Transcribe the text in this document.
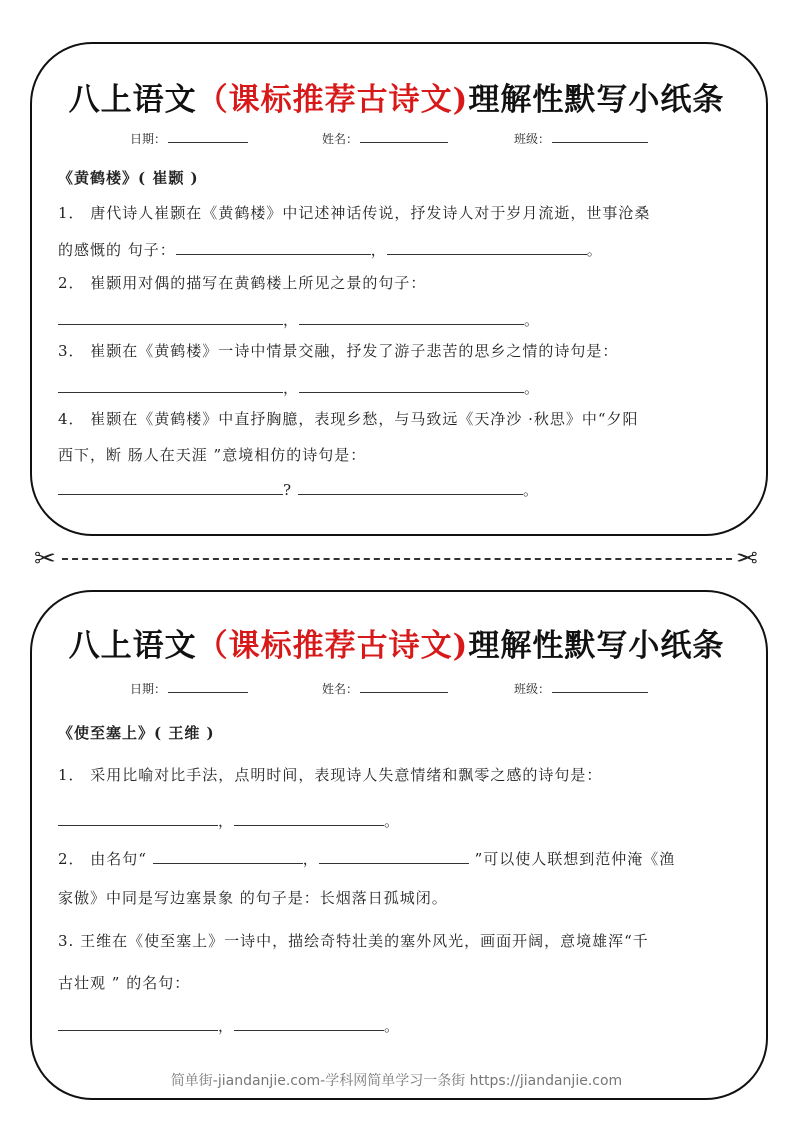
八上语文（课标推荐古诗文)理解性默写小纸条
日期：	姓名：	班级：
《黄鹤楼》( 崔颢 )
1． 唐代诗人崔颢在《黄鹤楼》中记述神话传说，抒发诗人对于岁月流逝，世事沧桑
的感慨的 句子：	，	。
2． 崔颢用对偶的描写在黄鹤楼上所见之景的句子：
，	。
3． 崔颢在《黄鹤楼》一诗中情景交融，抒发了游子悲苦的思乡之情的诗句是：
，	。
4． 崔颢在《黄鹤楼》中直抒胸臆，表现乡愁，与马致远《天净沙 ·秋思》中“夕阳
西下，断 肠人在天涯 ”意境相仿的诗句是：
?	。
✂	✂
八上语文（课标推荐古诗文)理解性默写小纸条
日期：	姓名：	班级：
《使至塞上》( 王维 )
1． 采用比喻对比手法，点明时间，表现诗人失意情绪和飘零之感的诗句是：
，	。
2． 由名句“	，	”可以使人联想到范仲淹《渔
家傲》中同是写边塞景象 的句子是：长烟落日孤城闭。
3. 王维在《使至塞上》一诗中，描绘奇特壮美的塞外风光，画面开阔，意境雄浑“千
古壮观 ” 的名句：
，	。
简单街-jiandanjie.com-学科网简单学习一条街 https://jiandanjie.com
